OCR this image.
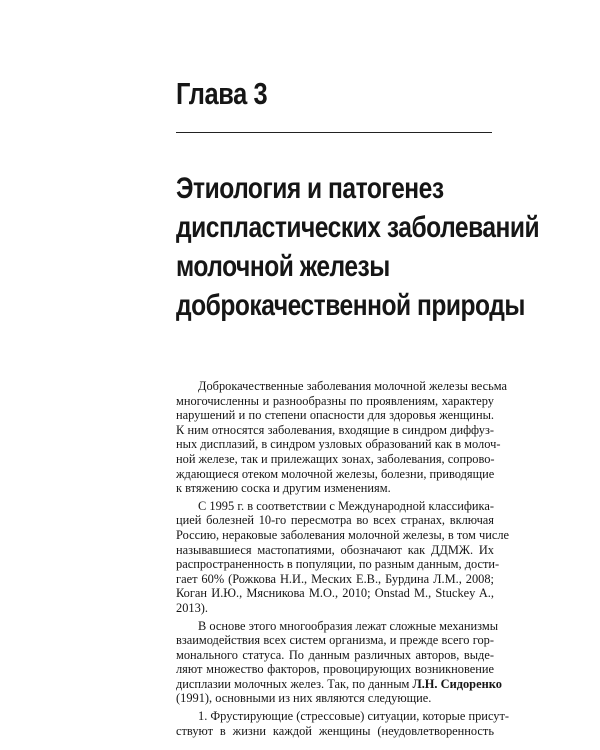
Глава 3
Этиология и патогенез
диспластических заболеваний
молочной железы
доброкачественной природы
Доброкачественные заболевания молочной железы весьма
многочисленны и разнообразны по проявлениям, характеру
нарушений и по степени опасности для здоровья женщины.
К ним относятся заболевания, входящие в синдром диффуз-
ных дисплазий, в синдром узловых образований как в молоч-
ной железе, так и прилежащих зонах, заболевания, сопрово-
ждающиеся отеком молочной железы, болезни, приводящие
к втяжению соска и другим изменениям.
С 1995 г. в соответствии с Международной классифика-
цией болезней 10-го пересмотра во всех странах, включая
Россию, нераковые заболевания молочной железы, в том числе
называвшиеся мастопатиями, обозначают как ДДМЖ. Их
распространенность в популяции, по разным данным, дости-
гает 60% (Рожкова Н.И., Меских Е.В., Бурдина Л.М., 2008;
Коган И.Ю., Мясникова М.О., 2010; Onstad M., Stuckey A.,
2013).
В основе этого многообразия лежат сложные механизмы
взаимодействия всех систем организма, и прежде всего гор-
монального статуса. По данным различных авторов, выде-
ляют множество факторов, провоцирующих возникновение
дисплазии молочных желез. Так, по данным Л.Н. Сидоренко
(1991), основными из них являются следующие.
1. Фрустирующие (стрессовые) ситуации, которые присут-
ствуют в жизни каждой женщины (неудовлетворенность
